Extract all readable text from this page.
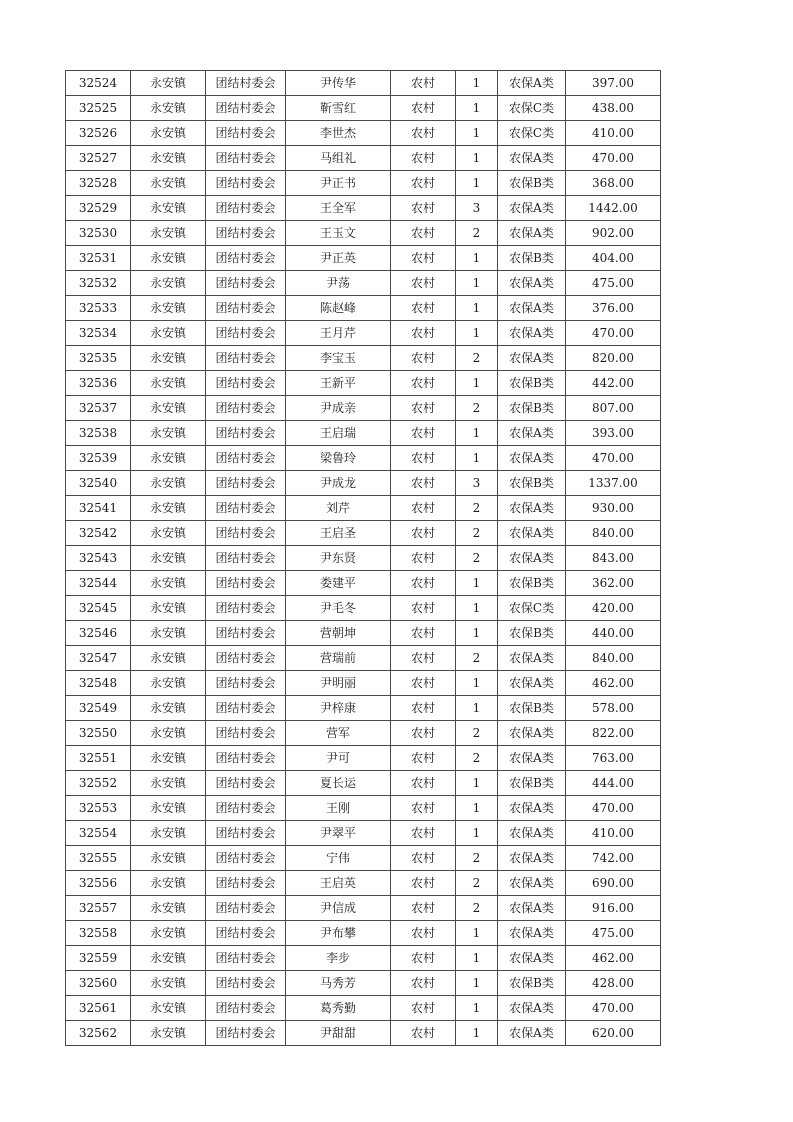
32524	永安镇	团结村委会	尹传华	农村	1	农保A类	397.00
32525	永安镇	团结村委会	靳雪红	农村	1	农保C类	438.00
32526	永安镇	团结村委会	李世杰	农村	1	农保C类	410.00
32527	永安镇	团结村委会	马组礼	农村	1	农保A类	470.00
32528	永安镇	团结村委会	尹正书	农村	1	农保B类	368.00
32529	永安镇	团结村委会	王全军	农村	3	农保A类	1442.00
32530	永安镇	团结村委会	王玉文	农村	2	农保A类	902.00
32531	永安镇	团结村委会	尹正英	农村	1	农保B类	404.00
32532	永安镇	团结村委会	尹荡	农村	1	农保A类	475.00
32533	永安镇	团结村委会	陈赵峰	农村	1	农保A类	376.00
32534	永安镇	团结村委会	王月芹	农村	1	农保A类	470.00
32535	永安镇	团结村委会	李宝玉	农村	2	农保A类	820.00
32536	永安镇	团结村委会	王新平	农村	1	农保B类	442.00
32537	永安镇	团结村委会	尹成亲	农村	2	农保B类	807.00
32538	永安镇	团结村委会	王启瑞	农村	1	农保A类	393.00
32539	永安镇	团结村委会	梁鲁玲	农村	1	农保A类	470.00
32540	永安镇	团结村委会	尹成龙	农村	3	农保B类	1337.00
32541	永安镇	团结村委会	刘芹	农村	2	农保A类	930.00
32542	永安镇	团结村委会	王启圣	农村	2	农保A类	840.00
32543	永安镇	团结村委会	尹东贤	农村	2	农保A类	843.00
32544	永安镇	团结村委会	娄建平	农村	1	农保B类	362.00
32545	永安镇	团结村委会	尹毛冬	农村	1	农保C类	420.00
32546	永安镇	团结村委会	营朝坤	农村	1	农保B类	440.00
32547	永安镇	团结村委会	营瑞前	农村	2	农保A类	840.00
32548	永安镇	团结村委会	尹明丽	农村	1	农保A类	462.00
32549	永安镇	团结村委会	尹梓康	农村	1	农保B类	578.00
32550	永安镇	团结村委会	营军	农村	2	农保A类	822.00
32551	永安镇	团结村委会	尹可	农村	2	农保A类	763.00
32552	永安镇	团结村委会	夏长运	农村	1	农保B类	444.00
32553	永安镇	团结村委会	王刚	农村	1	农保A类	470.00
32554	永安镇	团结村委会	尹翠平	农村	1	农保A类	410.00
32555	永安镇	团结村委会	宁伟	农村	2	农保A类	742.00
32556	永安镇	团结村委会	王启英	农村	2	农保A类	690.00
32557	永安镇	团结村委会	尹信成	农村	2	农保A类	916.00
32558	永安镇	团结村委会	尹布攀	农村	1	农保A类	475.00
32559	永安镇	团结村委会	李步	农村	1	农保A类	462.00
32560	永安镇	团结村委会	马秀芳	农村	1	农保B类	428.00
32561	永安镇	团结村委会	葛秀勤	农村	1	农保A类	470.00
32562	永安镇	团结村委会	尹甜甜	农村	1	农保A类	620.00
